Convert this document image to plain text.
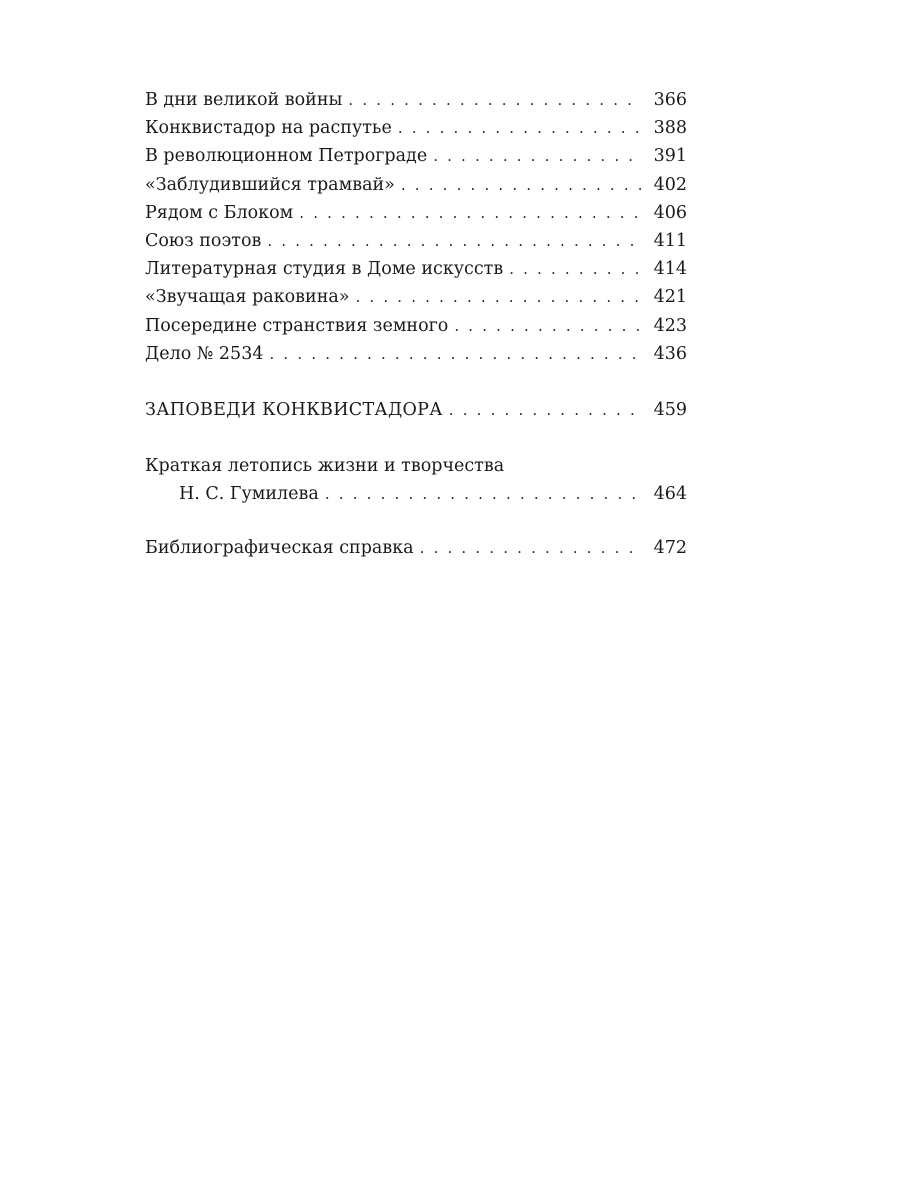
В дни великой войны . . .	366
Конквистадор на распутье . . .	388
В революционном Петрограде . . .	391
«Заблудившийся трамвай» . . .	402
Рядом с Блоком . . .	406
Союз поэтов . . .	411
Литературная студия в Доме искусств . . .	414
«Звучащая раковина» . . .	421
Посередине странствия земного . . .	423
Дело № 2534 . . .	436
ЗАПОВЕДИ КОНКВИСТАДОРА . . .	459
Краткая летопись жизни и творчества
Н. С. Гумилева . . .	464
Библиографическая справка . . .	472
